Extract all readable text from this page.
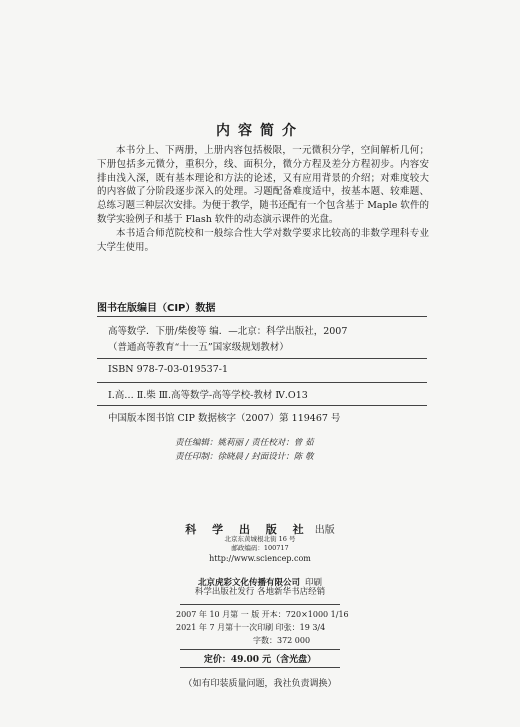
内容简介

本书分上、下两册，上册内容包括极限，一元微积分学，空间解析几何；下册包括多元微分，重积分，线、面积分，微分方程及差分方程初步。内容安排由浅入深，既有基本理论和方法的论述，又有应用背景的介绍；对难度较大的内容做了分阶段逐步深入的处理。习题配备难度适中，按基本题、较难题、总练习题三种层次安排。为便于教学，随书还配有一个包含基于 Maple 软件的数学实验例子和基于 Flash 软件的动态演示课件的光盘。

本书适合师范院校和一般综合性大学对数学要求比较高的非数学理科专业大学生使用。

图书在版编目（CIP）数据
高等数学．下册/柴俊等 编．—北京：科学出版社，2007
（普通高等教育“十一五”国家级规划教材）
ISBN 978-7-03-019537-1
Ⅰ.高… Ⅱ.柴 Ⅲ.高等数学-高等学校-教材 Ⅳ.O13
中国版本图书馆 CIP 数据核字（2007）第 119467 号
责任编辑：姚莉丽 / 责任校对：曾 茹
责任印制：徐晓晨 / 封面设计：陈 敬
科 学 出 版 社 出版
北京东黄城根北街 16 号
邮政编码：100717
http://www.sciencep.com
北京虎彩文化传播有限公司 印刷
科学出版社发行 各地新华书店经销
2007 年 10 月第 一 版 开本：720×1000 1/16
2021 年 7 月第十一次印刷 印张：19 3/4
字数：372 000
定价：49.00 元（含光盘）
（如有印装质量问题，我社负责调换）
